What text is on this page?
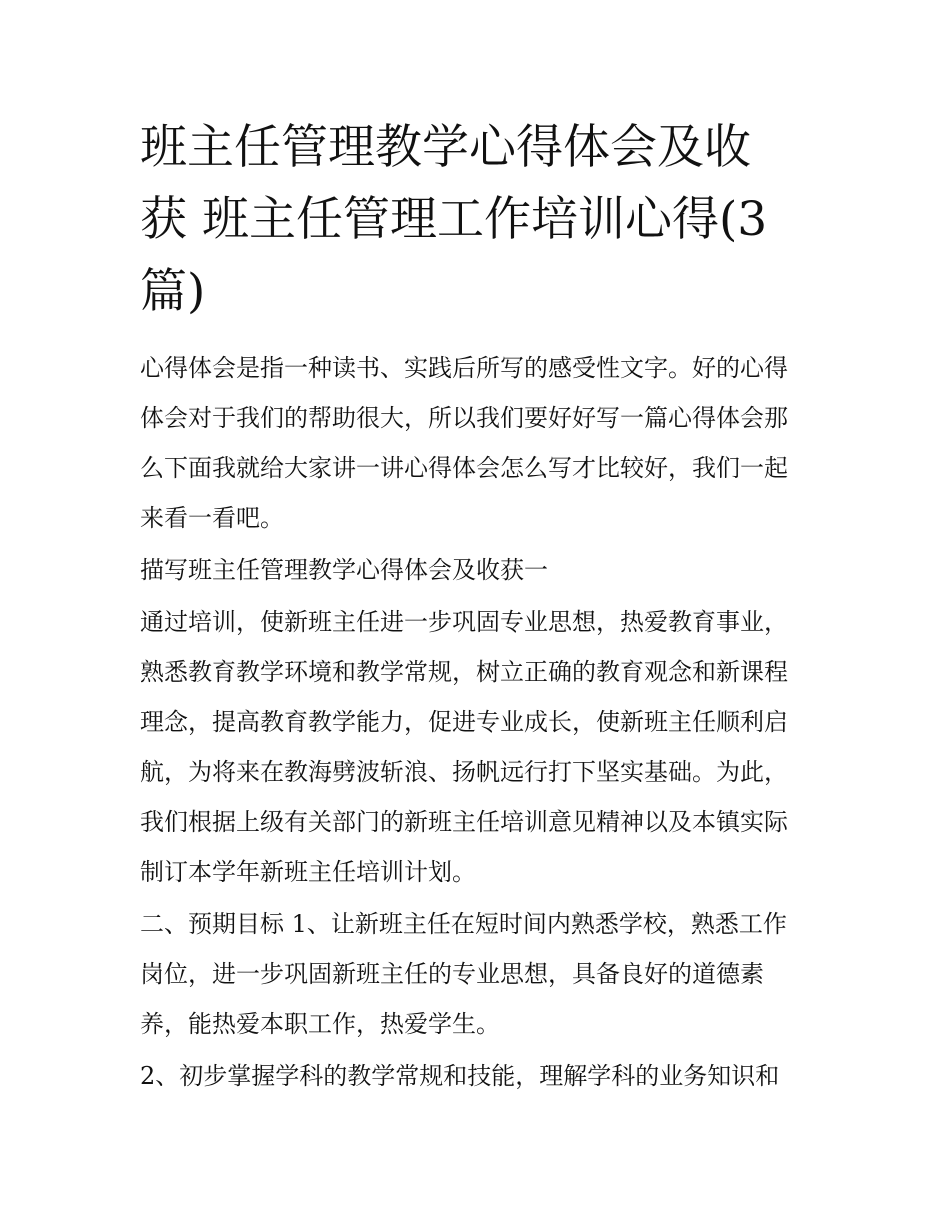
班主任管理教学心得体会及收
获 班主任管理工作培训心得(3
篇)

心得体会是指一种读书、实践后所写的感受性文字。好的心得
体会对于我们的帮助很大，所以我们要好好写一篇心得体会那
么下面我就给大家讲一讲心得体会怎么写才比较好，我们一起
来看一看吧。

描写班主任管理教学心得体会及收获一

通过培训，使新班主任进一步巩固专业思想，热爱教育事业，
熟悉教育教学环境和教学常规，树立正确的教育观念和新课程
理念，提高教育教学能力，促进专业成长，使新班主任顺利启
航，为将来在教海劈波斩浪、扬帆远行打下坚实基础。为此，
我们根据上级有关部门的新班主任培训意见精神以及本镇实际
制订本学年新班主任培训计划。

二、预期目标 1、让新班主任在短时间内熟悉学校，熟悉工作
岗位，进一步巩固新班主任的专业思想，具备良好的道德素
养，能热爱本职工作，热爱学生。

2、初步掌握学科的教学常规和技能，理解学科的业务知识和
